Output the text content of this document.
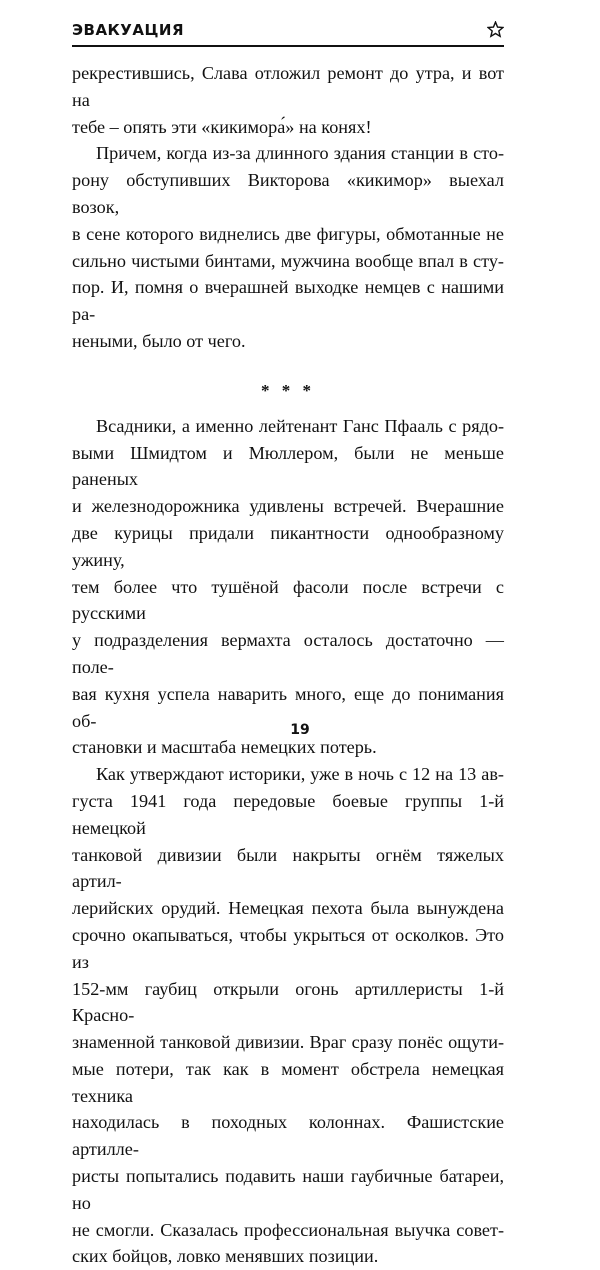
ЭВАКУАЦИЯ

рекрестившись, Слава отложил ремонт до утра, и вот на
тебе – опять эти «кикимора́» на конях!

Причем, когда из-за длинного здания станции в сто-
рону обступивших Викторова «кикимор» выехал возок,
в сене которого виднелись две фигуры, обмотанные не
сильно чистыми бинтами, мужчина вообще впал в сту-
пор. И, помня о вчерашней выходке немцев с нашими ра-
неными, было от чего.

* * *

Всадники, а именно лейтенант Ганс Пфааль с рядо-
выми Шмидтом и Мюллером, были не меньше раненых
и железнодорожника удивлены встречей. Вчерашние
две курицы придали пикантности однообразному ужину,
тем более что тушёной фасоли после встречи с русскими
у подразделения вермахта осталось достаточно — поле-
вая кухня успела наварить много, еще до понимания об-
становки и масштаба немецких потерь.

Как утверждают историки, уже в ночь с 12 на 13 ав-
густа 1941 года передовые боевые группы 1-й немецкой
танковой дивизии были накрыты огнём тяжелых артил-
лерийских орудий. Немецкая пехота была вынуждена
срочно окапываться, чтобы укрыться от осколков. Это из
152-мм гаубиц открыли огонь артиллеристы 1-й Красно-
знаменной танковой дивизии. Враг сразу понёс ощути-
мые потери, так как в момент обстрела немецкая техника
находилась в походных колоннах. Фашистские артилле-
ристы попытались подавить наши гаубичные батареи, но
не смогли. Сказалась профессиональная выучка совет-
ских бойцов, ловко менявших позиции.

19
